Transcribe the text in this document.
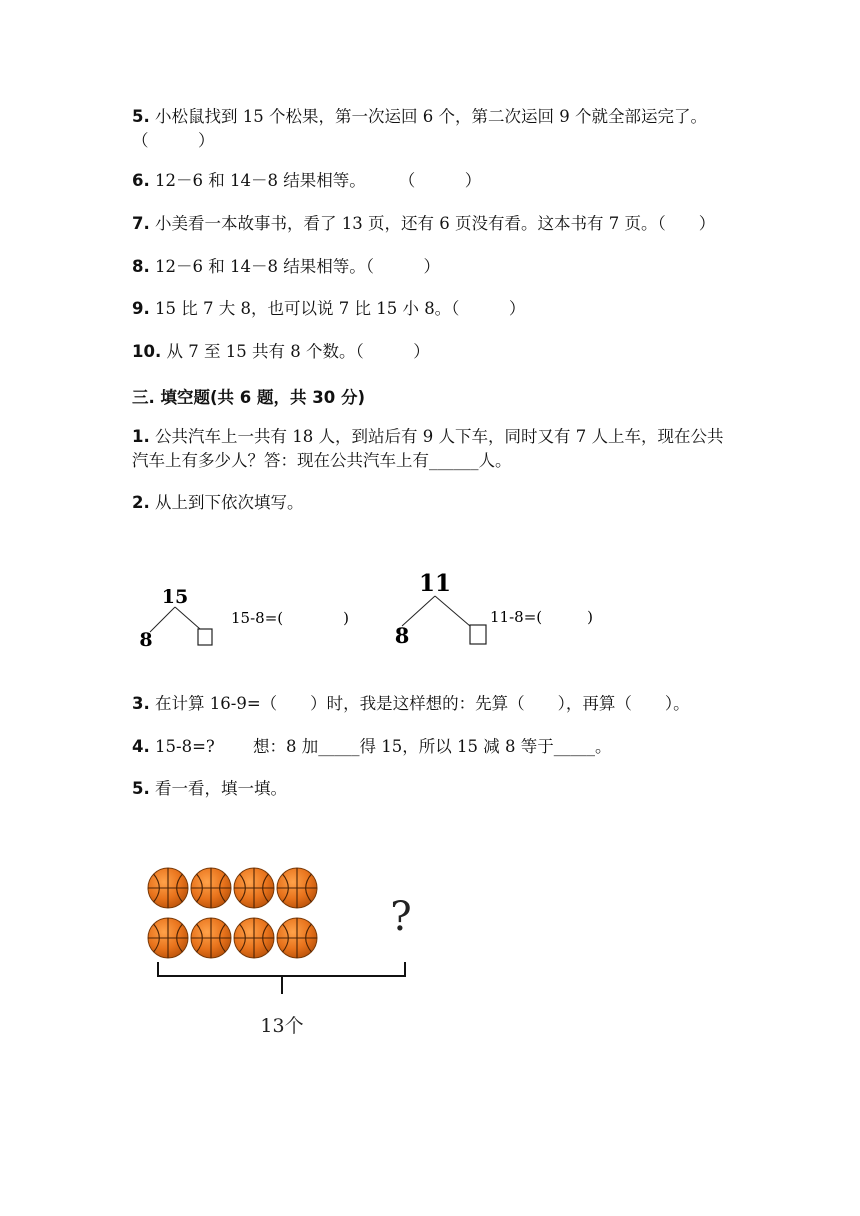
5. 小松鼠找到 15 个松果，第一次运回 6 个，第二次运回 9 个就全部运完了。
（　　　）
6. 12－6 和 14－8 结果相等。　　　（　　　）
7. 小美看一本故事书，看了 13 页，还有 6 页没有看。这本书有 7 页。（　　）
8. 12－6 和 14－8 结果相等。（　　　）
9. 15 比 7 大 8，也可以说 7 比 15 小 8。（　　　）
10. 从 7 至 15 共有 8 个数。（　　　）
三. 填空题(共 6 题，共 30 分)
1. 公共汽车上一共有 18 人，到站后有 9 人下车，同时又有 7 人上车，现在公共
汽车上有多少人？答：现在公共汽车上有______人。
2. 从上到下依次填写。
15
8
15-8=(　　　　)
11
8
11-8=(　　　)
3. 在计算 16-9=（　　）时，我是这样想的：先算（　　），再算（　　）。
4. 15-8=?　　 想：8 加_____得 15，所以 15 减 8 等于_____。
5. 看一看，填一填。
?
13个
